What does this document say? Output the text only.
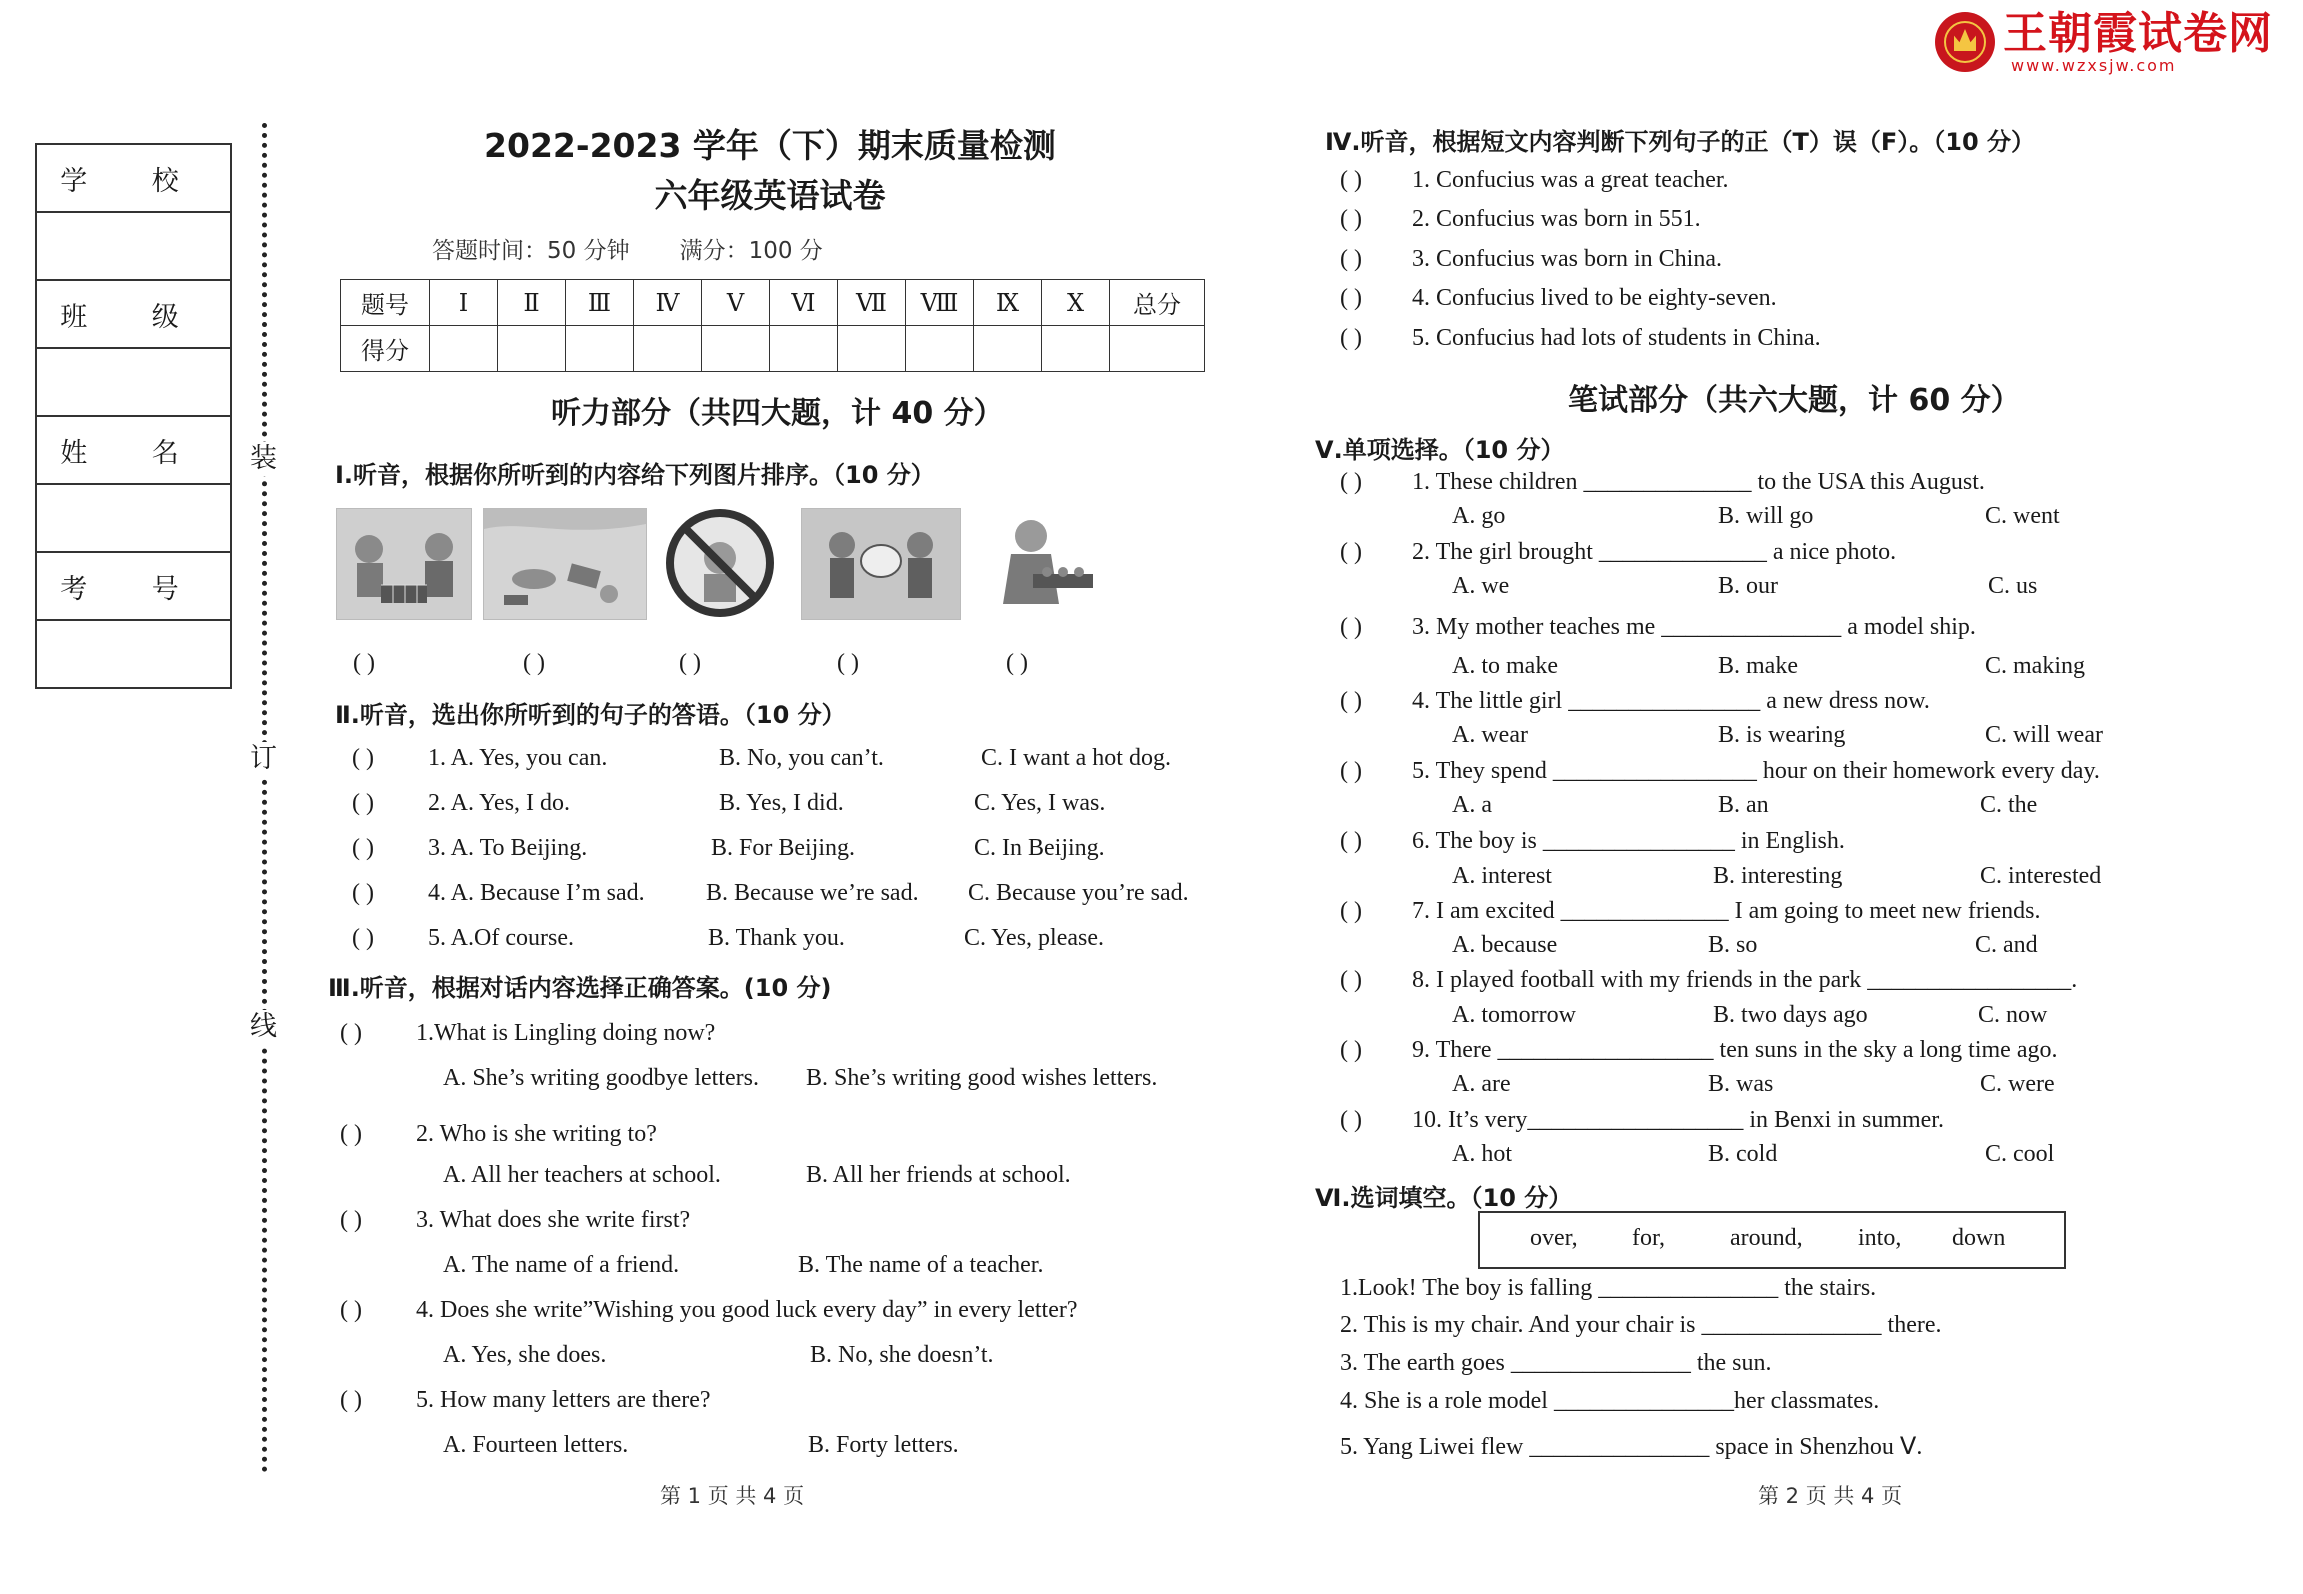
王朝霞试卷网
www.wzxsjw.com
学 校

班 级

姓 名

考 号

装
订
线
2022-2023 学年（下）期末质量检测
六年级英语试卷
答题时间：50 分钟 满分：100 分
题号	Ⅰ	Ⅱ	Ⅲ	Ⅳ	Ⅴ	Ⅵ	Ⅶ	Ⅷ	Ⅸ	Ⅹ	总分
得分											
听力部分（共四大题，计 40 分）
Ⅰ.听音，根据你所听到的内容给下列图片排序。（10 分）
( )	( )	( )	( )	( )
Ⅱ.听音，选出你所听到的句子的答语。（10 分）
( ) 1. A. Yes, you can.	B. No, you can’t.	C. I want a hot dog.
( ) 2. A. Yes, I do.	B. Yes, I did.	C. Yes, I was.
( ) 3. A. To Beijing.	B. For Beijing.	C. In Beijing.
( ) 4. A. Because I’m sad.	B. Because we’re sad. C. Because you’re sad.
( ) 5. A.Of course.	B. Thank you.	C. Yes, please.
Ⅲ.听音，根据对话内容选择正确答案。(10 分)
( ) 1.What is Lingling doing now?
A. She’s writing goodbye letters. B. She’s writing good wishes letters.
( ) 2. Who is she writing to?
A. All her teachers at school.	B. All her friends at school.
( ) 3. What does she write first?
A. The name of a friend.	B. The name of a teacher.
( ) 4. Does she write”Wishing you good luck every day” in every letter?
A. Yes, she does.	B. No, she doesn’t.
( ) 5. How many letters are there?
A. Fourteen letters.	B. Forty letters.
第 1 页 共 4 页
Ⅳ.听音，根据短文内容判断下列句子的正（T）误（F）。（10 分）
( ) 1. Confucius was a great teacher.
( ) 2. Confucius was born in 551.
( ) 3. Confucius was born in China.
( ) 4. Confucius lived to be eighty-seven.
( ) 5. Confucius had lots of students in China.
笔试部分（共六大题，计 60 分）
Ⅴ.单项选择。（10 分）
( ) 1. These children ______________ to the USA this August.
A. go	B. will go	C. went
( ) 2. The girl brought ______________ a nice photo.
A. we	B. our	C. us
( ) 3. My mother teaches me _______________ a model ship.
A. to make	B. make	C. making
( ) 4. The little girl ________________ a new dress now.
A. wear	B. is wearing	C. will wear
( ) 5. They spend _________________ hour on their homework every day.
A. a	B. an	C. the
( ) 6. The boy is ________________ in English.
A. interest	B. interesting	C. interested
( ) 7. I am excited ______________ I am going to meet new friends.
A. because	B. so	C. and
( ) 8. I played football with my friends in the park _________________.
A. tomorrow	B. two days ago	C. now
( ) 9. There __________________ ten suns in the sky a long time ago.
A. are	B. was	C. were
( ) 10. It’s very__________________ in Benxi in summer.
A. hot	B. cold	C. cool
Ⅵ.选词填空。（10 分）
over, for,	around, into, down
1.Look! The boy is falling _______________ the stairs.
2. This is my chair. And your chair is _______________ there.
3. The earth goes _______________ the sun.
4. She is a role model _______________her classmates.
5. Yang Liwei flew _______________ space in Shenzhou Ⅴ.
第 2 页 共 4 页
